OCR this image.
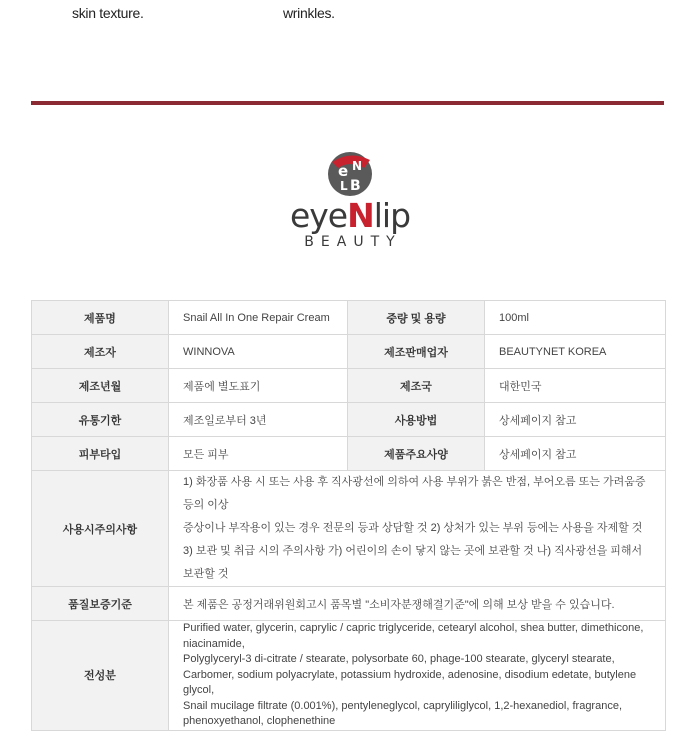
skin texture.	wrinkles.
e N
L B
eyeNlip
BEAUTY
제품명	Snail All In One Repair Cream	중량 및 용량	100ml
제조자	WINNOVA	제조판매업자	BEAUTYNET KOREA
제조년월	제품에 별도표기	제조국	대한민국
유통기한	제조일로부터 3년	사용방법	상세페이지 참고
피부타입	모든 피부	제품주요사양	상세페이지 참고
사용시주의사항	1) 화장품 사용 시 또는 사용 후 직사광선에 의하여 사용 부위가 붉은 반점, 부어오름 또는 가려움증 등의 이상
증상이나 부작용이 있는 경우 전문의 등과 상담할 것 2) 상처가 있는 부위 등에는 사용을 자제할 것
3) 보관 및 취급 시의 주의사항 가) 어린이의 손이 닿지 않는 곳에 보관할 것 나) 직사광선을 피해서 보관할 것		

품질보증기준	본 제품은 공정거래위원회고시 품목별 "소비자분쟁해결기준"에 의해 보상 받을 수 있습니다.		
전성분	Purified water, glycerin, caprylic / capric triglyceride, cetearyl alcohol, shea butter, dimethicone, niacinamide,
Polyglyceryl-3 di-citrate / stearate, polysorbate 60, phage-100 stearate, glyceryl stearate,
Carbomer, sodium polyacrylate, potassium hydroxide, adenosine, disodium edetate, butylene glycol,
Snail mucilage filtrate (0.001%), pentyleneglycol, capryliliglycol, 1,2-hexanediol, fragrance,
phenoxyethanol, clophenethine		
